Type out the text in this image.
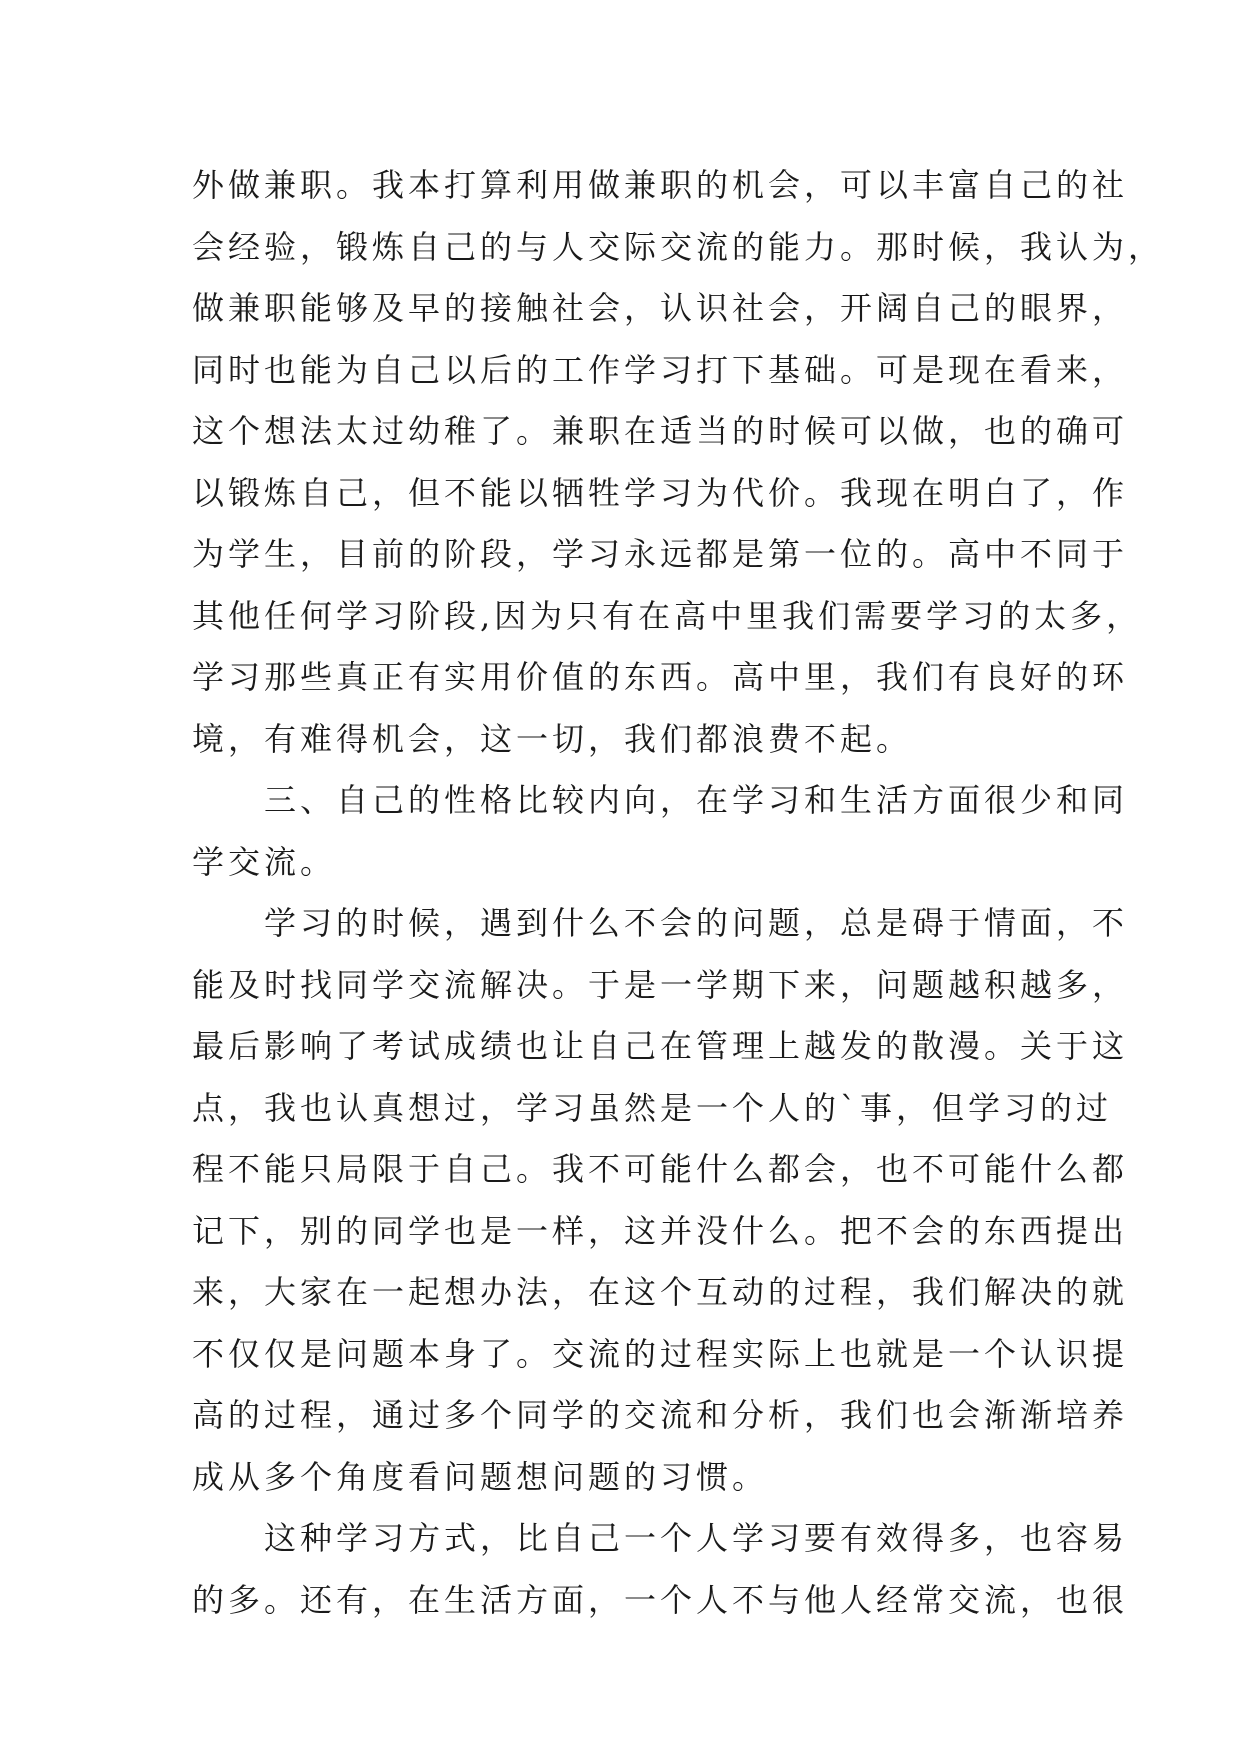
外做兼职。我本打算利用做兼职的机会，可以丰富自己的社
会经验，锻炼自己的与人交际交流的能力。那时候，我认为，
做兼职能够及早的接触社会，认识社会，开阔自己的眼界，
同时也能为自己以后的工作学习打下基础。可是现在看来，
这个想法太过幼稚了。兼职在适当的时候可以做，也的确可
以锻炼自己，但不能以牺牲学习为代价。我现在明白了，作
为学生，目前的阶段，学习永远都是第一位的。高中不同于
其他任何学习阶段,因为只有在高中里我们需要学习的太多，
学习那些真正有实用价值的东西。高中里，我们有良好的环
境，有难得机会，这一切，我们都浪费不起。
三、自己的性格比较内向，在学习和生活方面很少和同
学交流。
学习的时候，遇到什么不会的问题，总是碍于情面，不
能及时找同学交流解决。于是一学期下来，问题越积越多，
最后影响了考试成绩也让自己在管理上越发的散漫。关于这
点，我也认真想过，学习虽然是一个人的`事，但学习的过
程不能只局限于自己。我不可能什么都会，也不可能什么都
记下，别的同学也是一样，这并没什么。把不会的东西提出
来，大家在一起想办法，在这个互动的过程，我们解决的就
不仅仅是问题本身了。交流的过程实际上也就是一个认识提
高的过程，通过多个同学的交流和分析，我们也会渐渐培养
成从多个角度看问题想问题的习惯。
这种学习方式，比自己一个人学习要有效得多，也容易
的多。还有，在生活方面，一个人不与他人经常交流，也很
